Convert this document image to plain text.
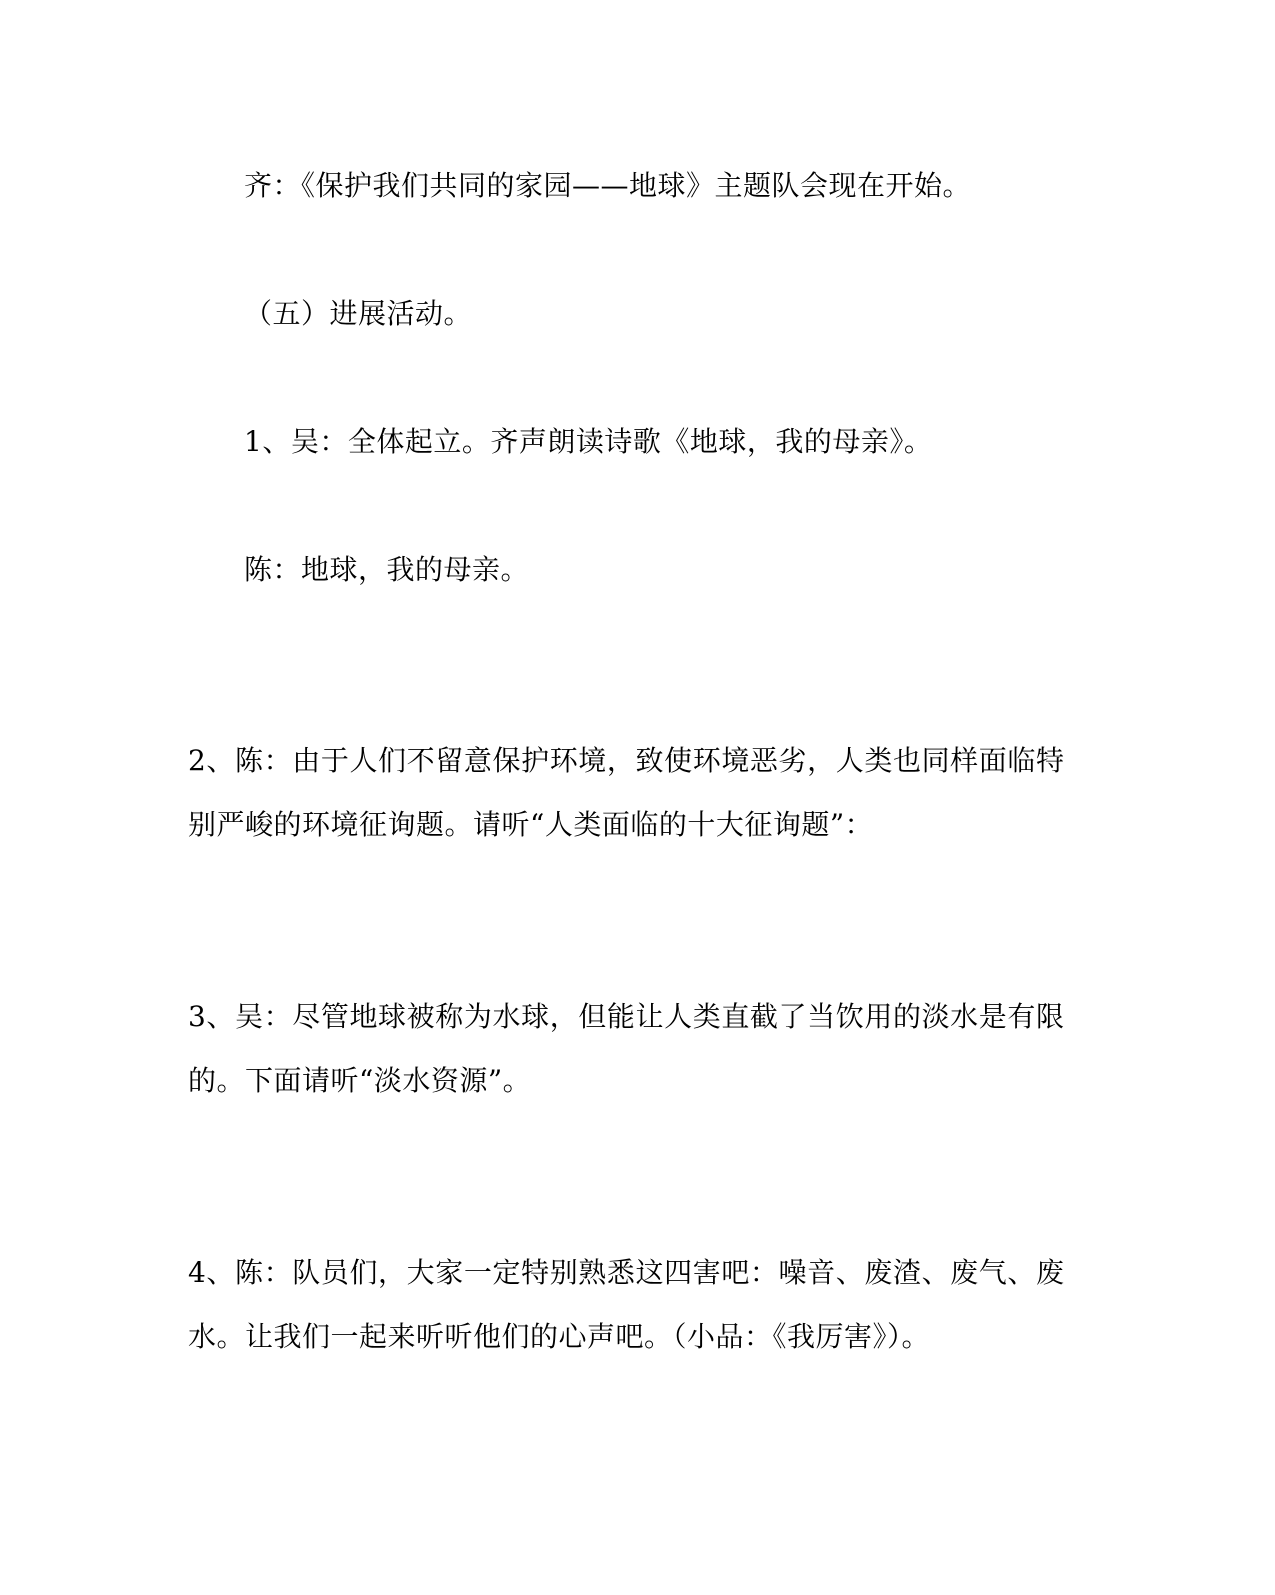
齐：《保护我们共同的家园——地球》主题队会现在开始。
（五）进展活动。
1、吴：全体起立。齐声朗读诗歌《地球，我的母亲》。
陈：地球，我的母亲。
2、陈：由于人们不留意保护环境，致使环境恶劣，人类也同样面临特
别严峻的环境征询题。请听“人类面临的十大征询题”：
3、吴：尽管地球被称为水球，但能让人类直截了当饮用的淡水是有限
的。下面请听“淡水资源”。
4、陈：队员们，大家一定特别熟悉这四害吧：噪音、废渣、废气、废
水。让我们一起来听听他们的心声吧。（小品：《我厉害》）。
